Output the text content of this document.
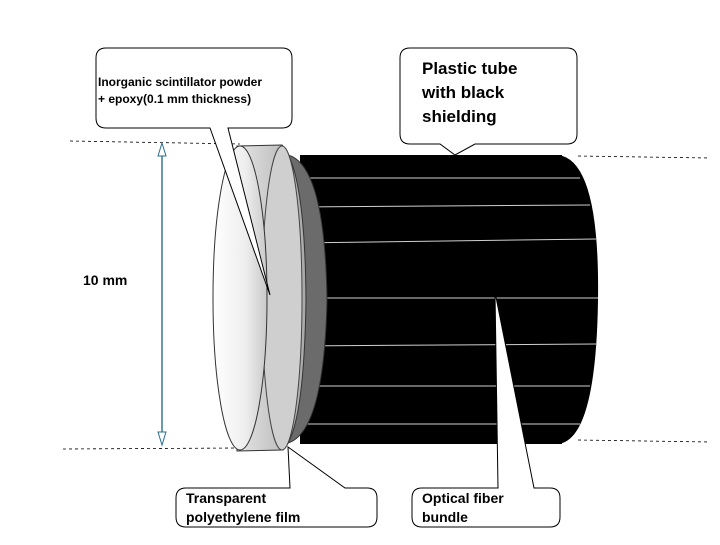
10 mm
Inorganic scintillator powder
+ epoxy(0.1 mm thickness)
Plastic tube
with black
shielding
Transparent
polyethylene film
Optical fiber
bundle
